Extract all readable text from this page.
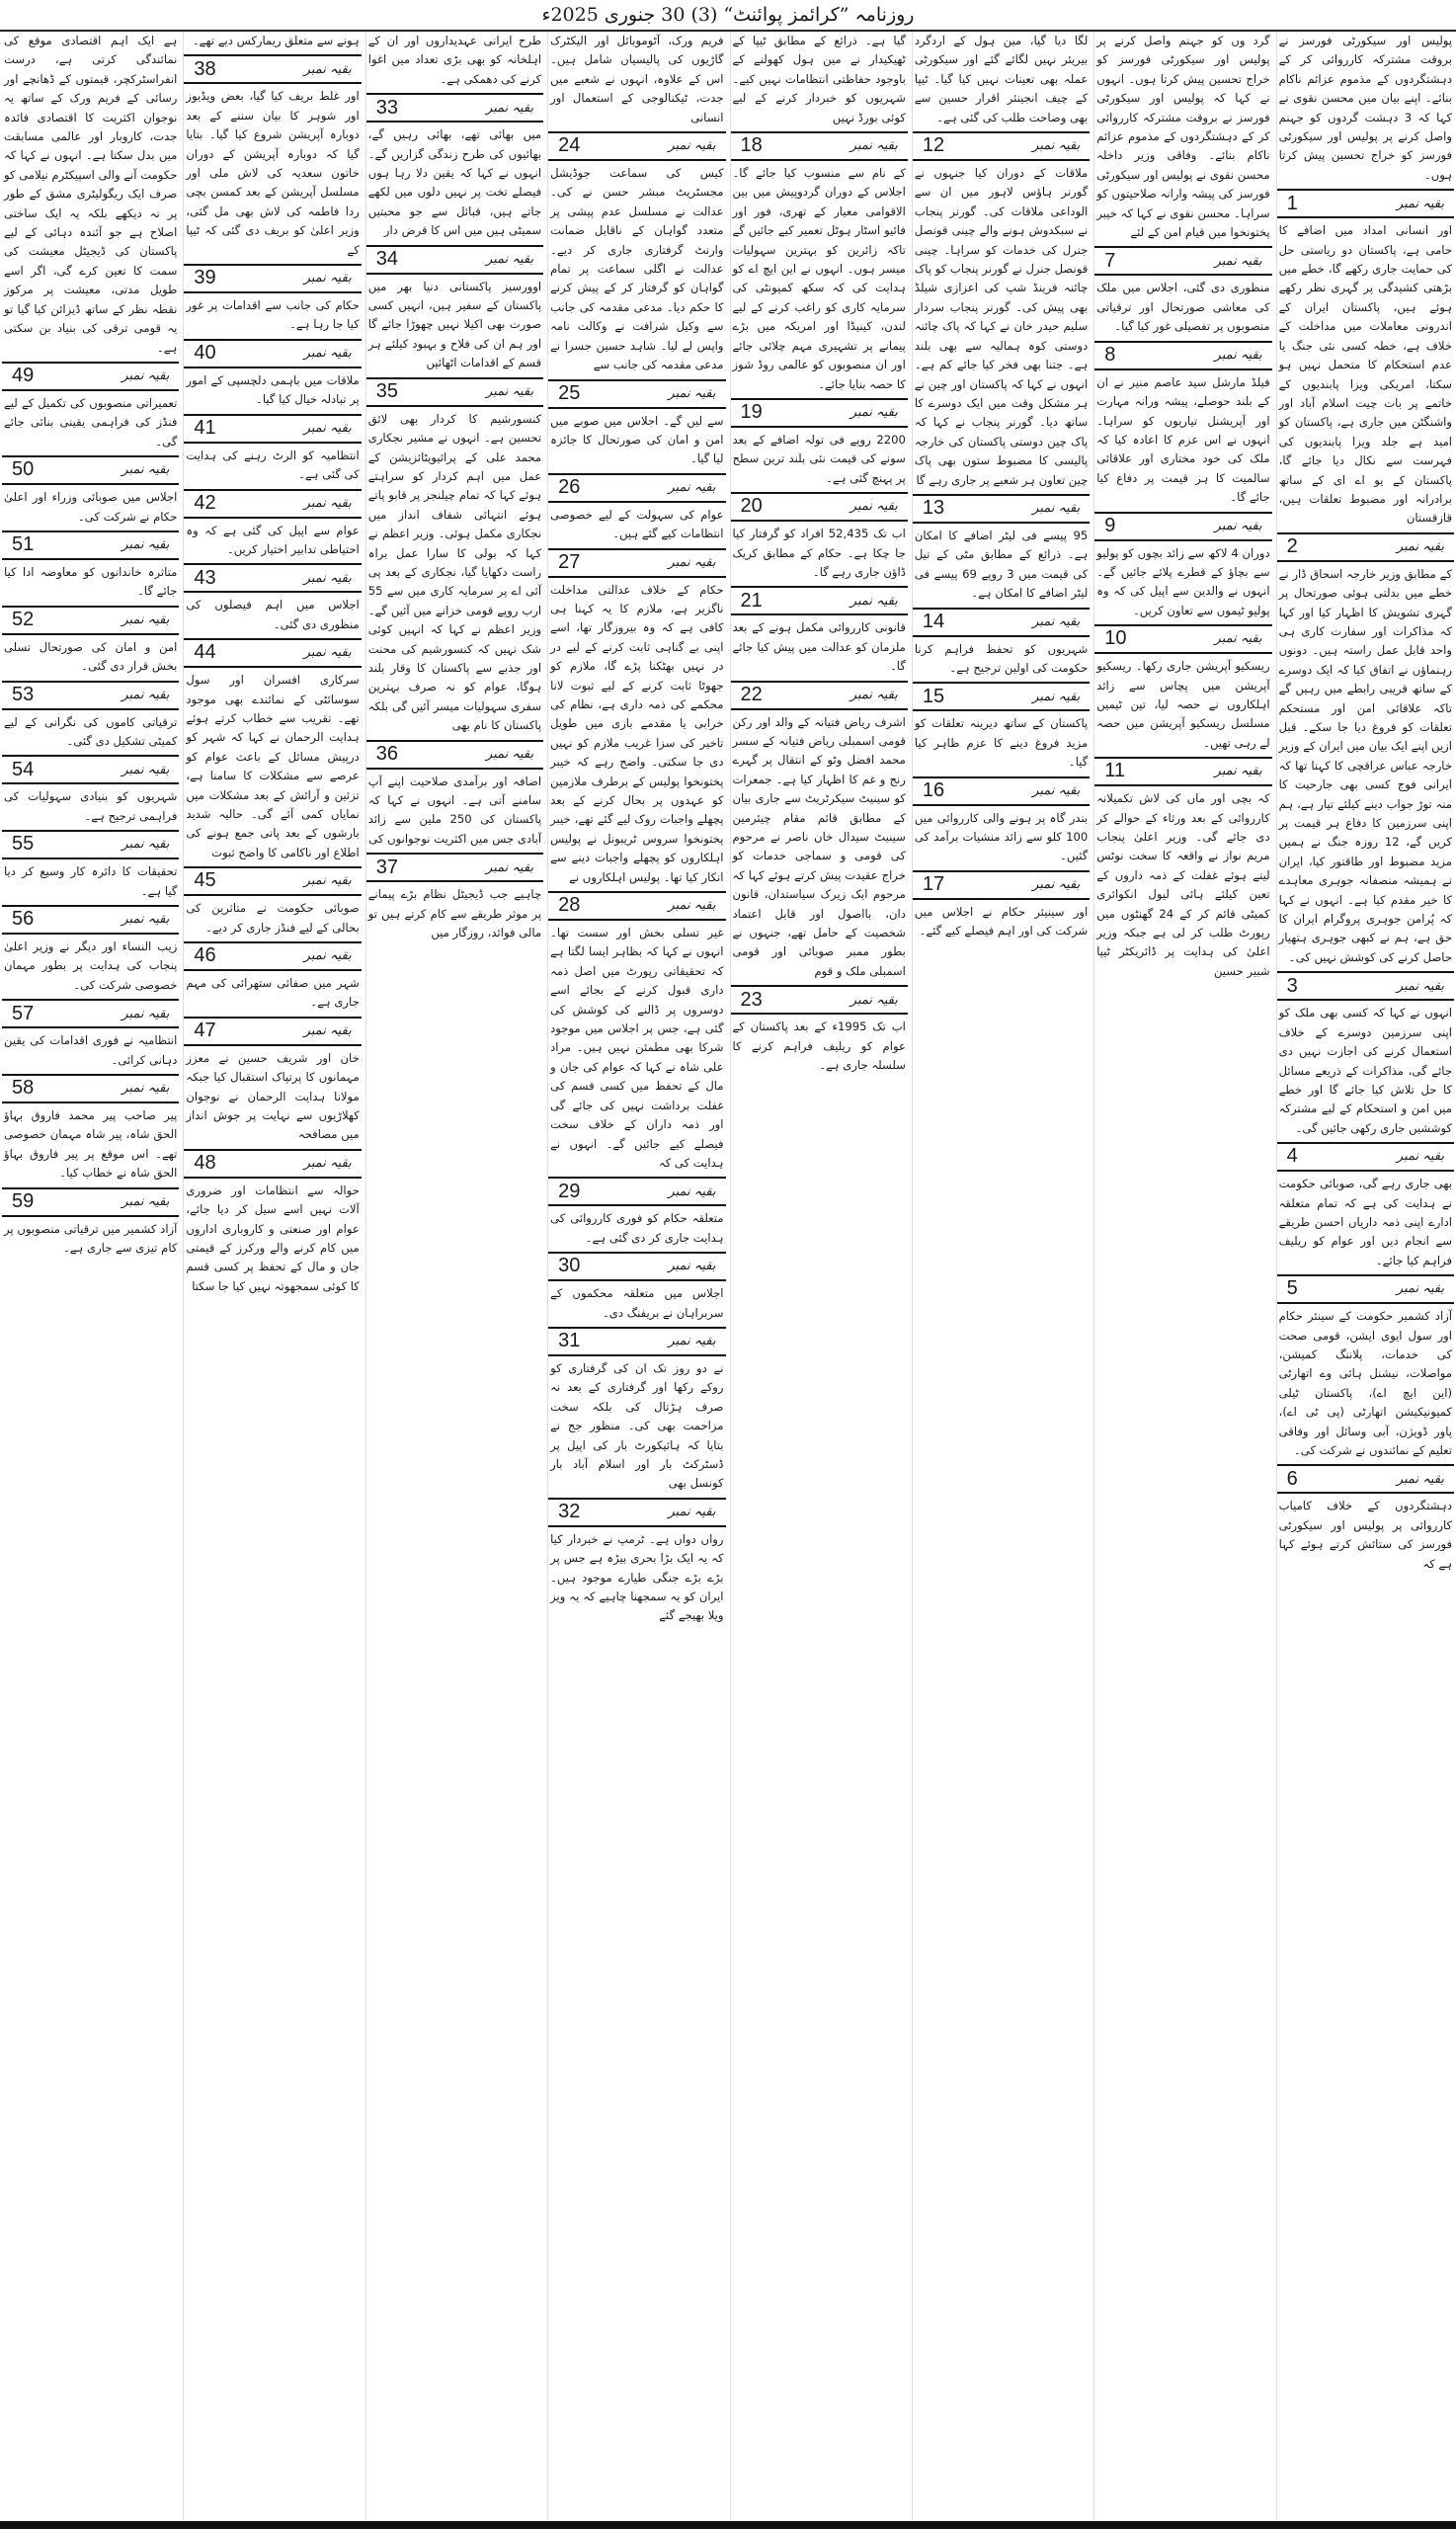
روزنامہ ”کرائمز پوائنٹ“ (3) 30 جنوری 2025ء
پولیس اور سیکورٹی فورسز نے بروقت مشترکہ کارروائی کر کے دہشتگردوں کے مذموم عزائم ناکام بنائے۔ اپنے بیان میں محسن نقوی نے کہا کہ 3 دہشت گردوں کو جہنم واصل کرنے پر پولیس اور سیکورٹی فورسز کو خراج تحسین پیش کرتا ہوں۔
بقیہ نمبر
1

اور انسانی امداد میں اضافے کا حامی ہے، پاکستان دو ریاستی حل کی حمایت جاری رکھے گا، خطے میں بڑھتی کشیدگی پر گہری نظر رکھے ہوئے ہیں، پاکستان ایران کے اندرونی معاملات میں مداخلت کے خلاف ہے، خطہ کسی نئی جنگ یا عدم استحکام کا متحمل نہیں ہو سکتا، امریکی ویزا پابندیوں کے خاتمے پر بات چیت اسلام آباد اور واشنگٹن میں جاری ہے، پاکستان کو امید ہے جلد ویزا پابندیوں کی فہرست سے نکال دیا جائے گا، پاکستان کے یو اے ای کے ساتھ برادرانہ اور مضبوط تعلقات ہیں، قازقستان

بقیہ نمبر
2

کے مطابق وزیر خارجہ اسحاق ڈار نے خطے میں بدلتی ہوئی صورتحال پر گہری تشویش کا اظہار کیا اور کہا کہ مذاکرات اور سفارت کاری ہی واحد قابل عمل راستہ ہیں۔ دونوں رہنماؤں نے اتفاق کیا کہ ایک دوسرے کے ساتھ قریبی رابطے میں رہیں گے تاکہ علاقائی امن اور مستحکم تعلقات کو فروغ دیا جا سکے۔ قبل ازیں اپنے ایک بیان میں ایران کے وزیر خارجہ عباس عراقچی کا کہنا تھا کہ ایرانی فوج کسی بھی جارحیت کا منہ توڑ جواب دینے کیلئے تیار ہے، ہم اپنی سرزمین کا دفاع ہر قیمت پر کریں گے، 12 روزہ جنگ نے ہمیں مزید مضبوط اور طاقتور کیا، ایران نے ہمیشہ منصفانہ جوہری معاہدے کا خیر مقدم کیا ہے۔ انہوں نے کہا کہ پُرامن جوہری پروگرام ایران کا حق ہے، ہم نے کبھی جوہری ہتھیار حاصل کرنے کی کوشش نہیں کی۔

بقیہ نمبر
3

انہوں نے کہا کہ کسی بھی ملک کو اپنی سرزمین دوسرے کے خلاف استعمال کرنے کی اجازت نہیں دی جائے گی، مذاکرات کے ذریعے مسائل کا حل تلاش کیا جائے گا اور خطے میں امن و استحکام کے لیے مشترکہ کوششیں جاری رکھی جائیں گی۔

بقیہ نمبر
4

بھی جاری رہے گی، صوبائی حکومت نے ہدایت کی ہے کہ تمام متعلقہ ادارے اپنی ذمہ داریاں احسن طریقے سے انجام دیں اور عوام کو ریلیف فراہم کیا جائے۔

بقیہ نمبر
5

آزاد کشمیر حکومت کے سینئر حکام اور سول ایوی ایشن، قومی صحت کی خدمات، پلاننگ کمیشن، مواصلات، نیشنل ہائی وے اتھارٹی (این ایچ اے)، پاکستان ٹیلی کمیونیکیشن اتھارٹی (پی ٹی اے)، پاور ڈویژن، آبی وسائل اور وفاقی تعلیم کے نمائندوں نے شرکت کی۔

بقیہ نمبر
6

دہشتگردوں کے خلاف کامیاب کارروائی پر پولیس اور سیکورٹی فورسز کی ستائش کرتے ہوئے کہا ہے کہ

گرد وں کو جہنم واصل کرنے پر پولیس اور سیکورٹی فورسز کو خراج تحسین پیش کرتا ہوں۔ انہوں نے کہا کہ پولیس اور سیکورٹی فورسز نے بروقت مشترکہ کارروائی کر کے دہشتگردوں کے مذموم عزائم ناکام بنائے۔ وفاقی وزیر داخلہ محسن نقوی نے پولیس اور سیکورٹی فورسز کی پیشہ وارانہ صلاحیتوں کو سراہا۔ محسن نقوی نے کہا کہ خیبر پختونخوا میں قیام امن کے لئے
بقیہ نمبر
7

منظوری دی گئی، اجلاس میں ملک کی معاشی صورتحال اور ترقیاتی منصوبوں پر تفصیلی غور کیا گیا۔

بقیہ نمبر
8

فیلڈ مارشل سید عاصم منیر نے ان کے بلند حوصلے، پیشہ ورانہ مہارت اور آپریشنل تیاریوں کو سراہا۔ انہوں نے اس عزم کا اعادہ کیا کہ ملک کی خود مختاری اور علاقائی سالمیت کا ہر قیمت پر دفاع کیا جائے گا۔

بقیہ نمبر
9

دوران 4 لاکھ سے زائد بچوں کو پولیو سے بچاؤ کے قطرے پلائے جائیں گے۔ انہوں نے والدین سے اپیل کی کہ وہ پولیو ٹیموں سے تعاون کریں۔

بقیہ نمبر
10

ریسکیو آپریشن جاری رکھا۔ ریسکیو آپریشن میں پچاس سے زائد اہلکاروں نے حصہ لیا، تین ٹیمیں مسلسل ریسکیو آپریشن میں حصہ لے رہی تھیں۔

بقیہ نمبر
11

کہ بچی اور ماں کی لاش تکمیلانہ کارروائی کے بعد ورثاء کے حوالے کر دی جائے گی۔ وزیر اعلیٰ پنجاب مریم نواز نے واقعہ کا سخت نوٹس لیتے ہوئے غفلت کے ذمہ داروں کے تعین کیلئے ہائی لیول انکوائری کمیٹی قائم کر کے 24 گھنٹوں میں رپورٹ طلب کر لی ہے جبکہ وزیر اعلیٰ کی ہدایت پر ڈائریکٹر ٹیپا شبیر حسین

لگا دیا گیا، مین ہول کے اردگرد بیریئر نہیں لگائے گئے اور سیکورٹی عملہ بھی تعینات نہیں کیا گیا۔ ٹیپا کے چیف انجینئر اقرار حسین سے بھی وضاحت طلب کی گئی ہے۔
بقیہ نمبر
12

ملاقات کے دوران کیا جنہوں نے گورنر ہاؤس لاہور میں ان سے الوداعی ملاقات کی۔ گورنر پنجاب نے سبکدوش ہونے والے چینی قونصل جنرل کی خدمات کو سراہا۔ چینی قونصل جنرل نے گورنر پنجاب کو پاک چائنہ فرینڈ شپ کی اعزازی شیلڈ بھی پیش کی۔ گورنر پنجاب سردار سلیم حیدر خان نے کہا کہ پاک چائنہ دوستی کوہ ہمالیہ سے بھی بلند ہے۔ جتنا بھی فخر کیا جائے کم ہے۔ انہوں نے کہا کہ پاکستان اور چین نے ہر مشکل وقت میں ایک دوسرے کا ساتھ دیا۔ گورنر پنجاب نے کہا کہ پاک چین دوستی پاکستان کی خارجہ پالیسی کا مضبوط ستون بھی پاک چین تعاون ہر شعبے پر جاری رہے گا

بقیہ نمبر
13

95 پیسے فی لیٹر اضافے کا امکان ہے۔ ذرائع کے مطابق مٹی کے تیل کی قیمت میں 3 روپے 69 پیسے فی لیٹر اضافے کا امکان ہے۔

بقیہ نمبر
14

شہریوں کو تحفظ فراہم کرنا حکومت کی اولین ترجیح ہے۔

بقیہ نمبر
15

پاکستان کے ساتھ دیرینہ تعلقات کو مزید فروغ دینے کا عزم ظاہر کیا گیا۔

بقیہ نمبر
16

بندر گاہ پر ہونے والی کارروائی میں 100 کلو سے زائد منشیات برآمد کی گئیں۔

بقیہ نمبر
17

اور سینیئر حکام نے اجلاس میں شرکت کی اور اہم فیصلے کیے گئے۔

گیا ہے۔ ذرائع کے مطابق ٹیپا کے ٹھیکیدار نے مین ہول کھولنے کے باوجود حفاظتی انتظامات نہیں کیے۔ شہریوں کو خبردار کرنے کے لیے کوئی بورڈ نہیں
بقیہ نمبر
18

کے نام سے منسوب کیا جائے گا۔ اجلاس کے دوران گردوپیش میں بین الاقوامی معیار کے تھری، فور اور فائیو اسٹار ہوٹل تعمیر کیے جائیں گے تاکہ زائرین کو بہترین سہولیات میسر ہوں۔ انہوں نے این ایچ اے کو ہدایت کی کہ سکھ کمیونٹی کی سرمایہ کاری کو راغب کرنے کے لیے لندن، کینیڈا اور امریکہ میں بڑے پیمانے پر تشہیری مہم چلائی جائے اور ان منصوبوں کو عالمی روڈ شوز کا حصہ بنایا جائے۔

بقیہ نمبر
19

2200 روپے فی تولہ اضافے کے بعد سونے کی قیمت نئی بلند ترین سطح پر پہنچ گئی ہے۔

بقیہ نمبر
20

اب تک 52,435 افراد کو گرفتار کیا جا چکا ہے۔ حکام کے مطابق کریک ڈاؤن جاری رہے گا۔

بقیہ نمبر
21

قانونی کارروائی مکمل ہونے کے بعد ملزمان کو عدالت میں پیش کیا جائے گا۔

بقیہ نمبر
22

اشرف ریاض فتیانہ کے والد اور رکن قومی اسمبلی ریاض فتیانہ کے سسر محمد افضل وٹو کے انتقال پر گہرے رنج و غم کا اظہار کیا ہے۔ جمعرات کو سینیٹ سیکرٹریٹ سے جاری بیان کے مطابق قائم مقام چیئرمین سینیٹ سیدال خان ناصر نے مرحوم کی قومی و سماجی خدمات کو خراج عقیدت پیش کرتے ہوئے کہا کہ مرحوم ایک زیرک سیاستدان، قانون دان، بااصول اور قابل اعتماد شخصیت کے حامل تھے، جنہوں نے بطور ممبر صوبائی اور قومی اسمبلی ملک و قوم

بقیہ نمبر
23

اب تک 1995ء کے بعد پاکستان کے عوام کو ریلیف فراہم کرنے کا سلسلہ جاری ہے۔

فریم ورک، آٹوموبائل اور الیکٹرک گاڑیوں کی پالیسیاں شامل ہیں۔ اس کے علاوہ، انہوں نے شعبے میں جدت، ٹیکنالوجی کے استعمال اور انسانی
بقیہ نمبر
24

کیس کی سماعت جوڈیشل مجسٹریٹ مبشر حسن نے کی۔ عدالت نے مسلسل عدم پیشی پر متعدد گواہان کے ناقابل ضمانت وارنٹ گرفتاری جاری کر دیے۔ عدالت نے اگلی سماعت پر تمام گواہان کو گرفتار کر کے پیش کرنے کا حکم دیا۔ مدعی مقدمہ کی جانب سے وکیل شرافت نے وکالت نامہ واپس لے لیا۔ شاہد حسین جسرا نے مدعی مقدمہ کی جانب سے

بقیہ نمبر
25

سے لیں گے۔ اجلاس میں صوبے میں امن و امان کی صورتحال کا جائزہ لیا گیا۔

بقیہ نمبر
26

عوام کی سہولت کے لیے خصوصی انتظامات کیے گئے ہیں۔

بقیہ نمبر
27

حکام کے خلاف عدالتی مداخلت ناگزیر ہے، ملازم کا یہ کہنا ہی کافی ہے کہ وہ بیروزگار تھا، اسے اپنی بے گناہی ثابت کرنے کے لیے در در نہیں بھٹکنا پڑے گا، ملازم کو جھوٹا ثابت کرنے کے لیے ثبوت لانا محکمے کی ذمہ داری ہے، نظام کی خرابی یا مقدمے بازی میں طویل تاخیر کی سزا غریب ملازم کو نہیں دی جا سکتی۔ واضح رہے کہ خیبر پختونخوا پولیس کے برطرف ملازمین کو عہدوں پر بحال کرنے کے بعد پچھلے واجبات روک لیے گئے تھے، خیبر پختونخوا سروس ٹریبونل نے پولیس اہلکاروں کو پچھلے واجبات دینے سے انکار کیا تھا۔ پولیس اہلکاروں نے

بقیہ نمبر
28

غیر تسلی بخش اور سست تھا۔ انہوں نے کہا کہ بظاہر ایسا لگتا ہے کہ تحقیقاتی رپورٹ میں اصل ذمہ داری قبول کرنے کے بجائے اسے دوسروں پر ڈالنے کی کوشش کی گئی ہے، جس پر اجلاس میں موجود شرکا بھی مطمئن نہیں ہیں۔ مراد علی شاہ نے کہا کہ عوام کی جان و مال کے تحفظ میں کسی قسم کی غفلت برداشت نہیں کی جائے گی اور ذمہ داران کے خلاف سخت فیصلے کیے جائیں گے۔ انہوں نے ہدایت کی کہ

بقیہ نمبر
29

متعلقہ حکام کو فوری کارروائی کی ہدایت جاری کر دی گئی ہے۔

بقیہ نمبر
30

اجلاس میں متعلقہ محکموں کے سربراہان نے بریفنگ دی۔

بقیہ نمبر
31

نے دو روز تک ان کی گرفتاری کو روکے رکھا اور گرفتاری کے بعد نہ صرف ہڑتال کی بلکہ سخت مزاحمت بھی کی۔ منظور جج نے بتایا کہ ہائیکورٹ بار کی اپیل پر ڈسٹرکٹ بار اور اسلام آباد بار کونسل بھی

بقیہ نمبر
32

رواں دواں ہے۔ ٹرمپ نے خبردار کیا کہ یہ ایک بڑا بحری بیڑہ ہے جس پر بڑے بڑے جنگی طیارے موجود ہیں۔ ایران کو یہ سمجھنا چاہیے کہ یہ ویز ویلا بھیجے گئے

طرح ایرانی عہدیداروں اور ان کے اہلخانہ کو بھی بڑی تعداد میں اغوا کرنے کی دھمکی ہے۔
بقیہ نمبر
33

میں بھائی تھے، بھائی رہیں گے، بھائیوں کی طرح زندگی گزاریں گے۔ انہوں نے کہا کہ یقین دلا رہا ہوں فیصلے تخت پر نہیں دلوں میں لکھے جاتے ہیں، قبائل سے جو محبتیں سمیٹی ہیں میں اس کا قرض دار

بقیہ نمبر
34

اوورسیز پاکستانی دنیا بھر میں پاکستان کے سفیر ہیں، انہیں کسی صورت بھی اکیلا نہیں چھوڑا جائے گا اور ہم ان کی فلاح و بہبود کیلئے ہر قسم کے اقدامات اٹھائیں

بقیہ نمبر
35

کنسورشیم کا کردار بھی لائق تحسین ہے۔ انہوں نے مشیر نجکاری محمد علی کے پرائیویٹائزیشن کے عمل میں اہم کردار کو سراہتے ہوئے کہا کہ تمام چیلنجز پر قابو پاتے ہوئے انتہائی شفاف انداز میں نجکاری مکمل ہوئی۔ وزیر اعظم نے کہا کہ بولی کا سارا عمل براہ راست دکھایا گیا، نجکاری کے بعد پی آئی اے پر سرمایہ کاری میں سے 55 ارب روپے قومی خزانے میں آئیں گے۔ وزیر اعظم نے کہا کہ انہیں کوئی شک نہیں کہ کنسورشیم کی محنت اور جذبے سے پاکستان کا وقار بلند ہوگا، عوام کو نہ صرف بہترین سفری سہولیات میسر آئیں گی بلکہ پاکستان کا نام بھی

بقیہ نمبر
36

اضافہ اور برآمدی صلاحیت اپنے آپ سامنے آتی ہے۔ انہوں نے کہا کہ پاکستان کی 250 ملین سے زائد آبادی جس میں اکثریت نوجوانوں کی

بقیہ نمبر
37

چاہیے جب ڈیجیٹل نظام بڑے پیمانے پر موثر طریقے سے کام کرتے ہیں تو مالی فوائد، روزگار میں

ہونے سے متعلق ریمارکس دیے تھے۔
بقیہ نمبر
38

اور غلط بریف کیا گیا، بعض ویڈیوز اور شوہر کا بیان سننے کے بعد دوبارہ آپریشن شروع کیا گیا۔ بتایا گیا کہ دوبارہ آپریشن کے دوران خاتون سعدیہ کی لاش ملی اور مسلسل آپریشن کے بعد کمسن بچی ردا فاطمہ کی لاش بھی مل گئی، وزیر اعلیٰ کو بریف دی گئی کہ ٹیپا کے

بقیہ نمبر
39

حکام کی جانب سے اقدامات پر غور کیا جا رہا ہے۔

بقیہ نمبر
40

ملاقات میں باہمی دلچسپی کے امور پر تبادلہ خیال کیا گیا۔

بقیہ نمبر
41

انتظامیہ کو الرٹ رہنے کی ہدایت کی گئی ہے۔

بقیہ نمبر
42

عوام سے اپیل کی گئی ہے کہ وہ احتیاطی تدابیر اختیار کریں۔

بقیہ نمبر
43

اجلاس میں اہم فیصلوں کی منظوری دی گئی۔

بقیہ نمبر
44

سرکاری افسران اور سول سوسائٹی کے نمائندے بھی موجود تھے۔ تقریب سے خطاب کرتے ہوئے ہدایت الرحمان نے کہا کہ شہر کو درپیش مسائل کے باعث عوام کو عرصے سے مشکلات کا سامنا ہے، تزئین و آرائش کے بعد مشکلات میں نمایاں کمی آئے گی۔ حالیہ شدید بارشوں کے بعد پانی جمع ہونے کی اطلاع اور ناکامی کا واضح ثبوت

بقیہ نمبر
45

صوبائی حکومت نے متاثرین کی بحالی کے لیے فنڈز جاری کر دیے۔

بقیہ نمبر
46

شہر میں صفائی ستھرائی کی مہم جاری ہے۔

بقیہ نمبر
47

خان اور شریف حسین نے معزز مہمانوں کا پرتپاک استقبال کیا جبکہ مولانا ہدایت الرحمان نے نوجوان کھلاڑیوں سے نہایت پر جوش انداز میں مصافحہ

بقیہ نمبر
48

حوالہ سے انتظامات اور ضروری آلات نہیں اسے سیل کر دیا جائے، عوام اور صنعتی و کاروباری اداروں میں کام کرنے والے ورکرز کے قیمتی جان و مال کے تحفظ پر کسی قسم کا کوئی سمجھوتہ نہیں کیا جا سکتا

ہے ایک اہم اقتصادی موقع کی نمائندگی کرتی ہے، درست انفراسٹرکچر، قیمتوں کے ڈھانچے اور رسائی کے فریم ورک کے ساتھ یہ نوجوان اکثریت کا اقتصادی فائدہ جدت، کاروبار اور عالمی مسابقت میں بدل سکتا ہے۔ انہوں نے کہا کہ حکومت آنے والی اسپیکٹرم نیلامی کو صرف ایک ریگولیٹری مشق کے طور پر نہ دیکھے بلکہ یہ ایک ساختی اصلاح ہے جو آئندہ دہائی کے لیے پاکستان کی ڈیجیٹل معیشت کی سمت کا تعین کرے گی، اگر اسے طویل مدتی، معیشت پر مرکوز نقطہ نظر کے ساتھ ڈیزائن کیا گیا تو یہ قومی ترقی کی بنیاد بن سکتی ہے۔
بقیہ نمبر
49

تعمیراتی منصوبوں کی تکمیل کے لیے فنڈز کی فراہمی یقینی بنائی جائے گی۔

بقیہ نمبر
50

اجلاس میں صوبائی وزراء اور اعلیٰ حکام نے شرکت کی۔

بقیہ نمبر
51

متاثرہ خاندانوں کو معاوضہ ادا کیا جائے گا۔

بقیہ نمبر
52

امن و امان کی صورتحال تسلی بخش قرار دی گئی۔

بقیہ نمبر
53

ترقیاتی کاموں کی نگرانی کے لیے کمیٹی تشکیل دی گئی۔

بقیہ نمبر
54

شہریوں کو بنیادی سہولیات کی فراہمی ترجیح ہے۔

بقیہ نمبر
55

تحقیقات کا دائرہ کار وسیع کر دیا گیا ہے۔

بقیہ نمبر
56

زیب النساء اور دیگر نے وزیر اعلیٰ پنجاب کی ہدایت پر بطور مہمان خصوصی شرکت کی۔

بقیہ نمبر
57

انتظامیہ نے فوری اقدامات کی یقین دہانی کرائی۔

بقیہ نمبر
58

پیر صاحب پیر محمد فاروق بہاؤ الحق شاہ، پیر شاہ مہمان خصوصی تھے۔ اس موقع پر پیر فاروق بہاؤ الحق شاہ نے خطاب کیا۔

بقیہ نمبر
59

آزاد کشمیر میں ترقیاتی منصوبوں پر کام تیزی سے جاری ہے۔
